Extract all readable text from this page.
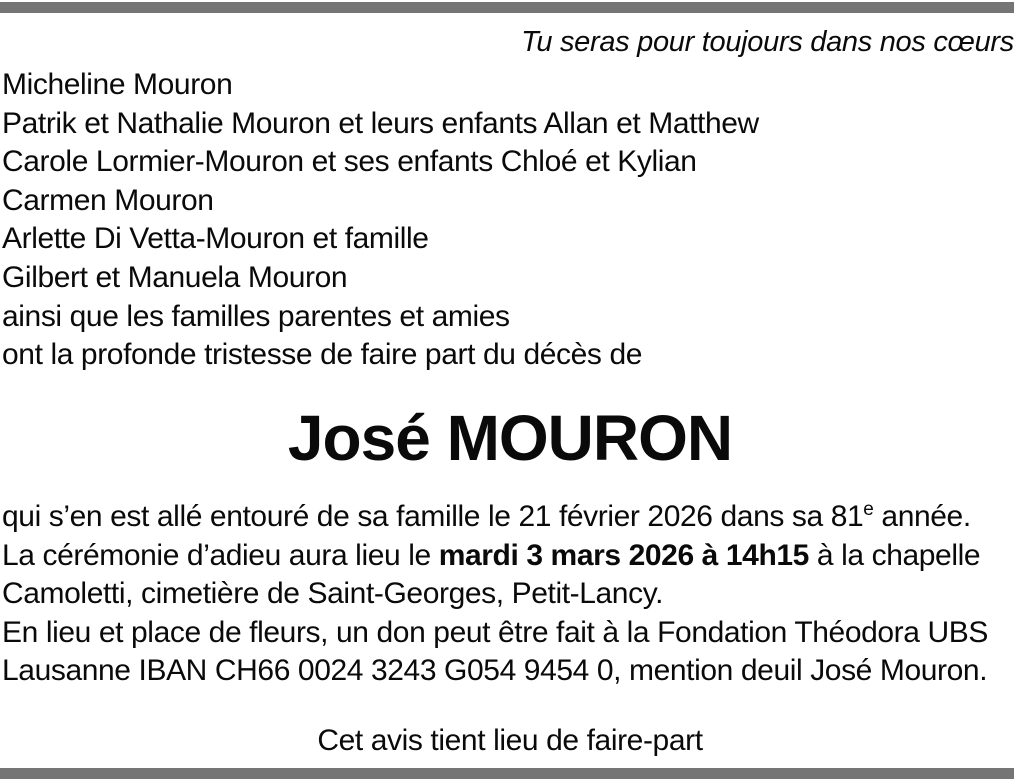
Tu seras pour toujours dans nos cœurs
Micheline Mouron
Patrik et Nathalie Mouron et leurs enfants Allan et Matthew
Carole Lormier-Mouron et ses enfants Chloé et Kylian
Carmen Mouron
Arlette Di Vetta-Mouron et famille
Gilbert et Manuela Mouron
ainsi que les familles parentes et amies
ont la profonde tristesse de faire part du décès de
José MOURON
qui s’en est allé entouré de sa famille le 21 février 2026 dans sa 81e année.
La cérémonie d’adieu aura lieu le mardi 3 mars 2026 à 14h15 à la chapelle
Camoletti, cimetière de Saint-Georges, Petit-Lancy.
En lieu et place de fleurs, un don peut être fait à la Fondation Théodora UBS
Lausanne IBAN CH66 0024 3243 G054 9454 0, mention deuil José Mouron.
Cet avis tient lieu de faire-part
